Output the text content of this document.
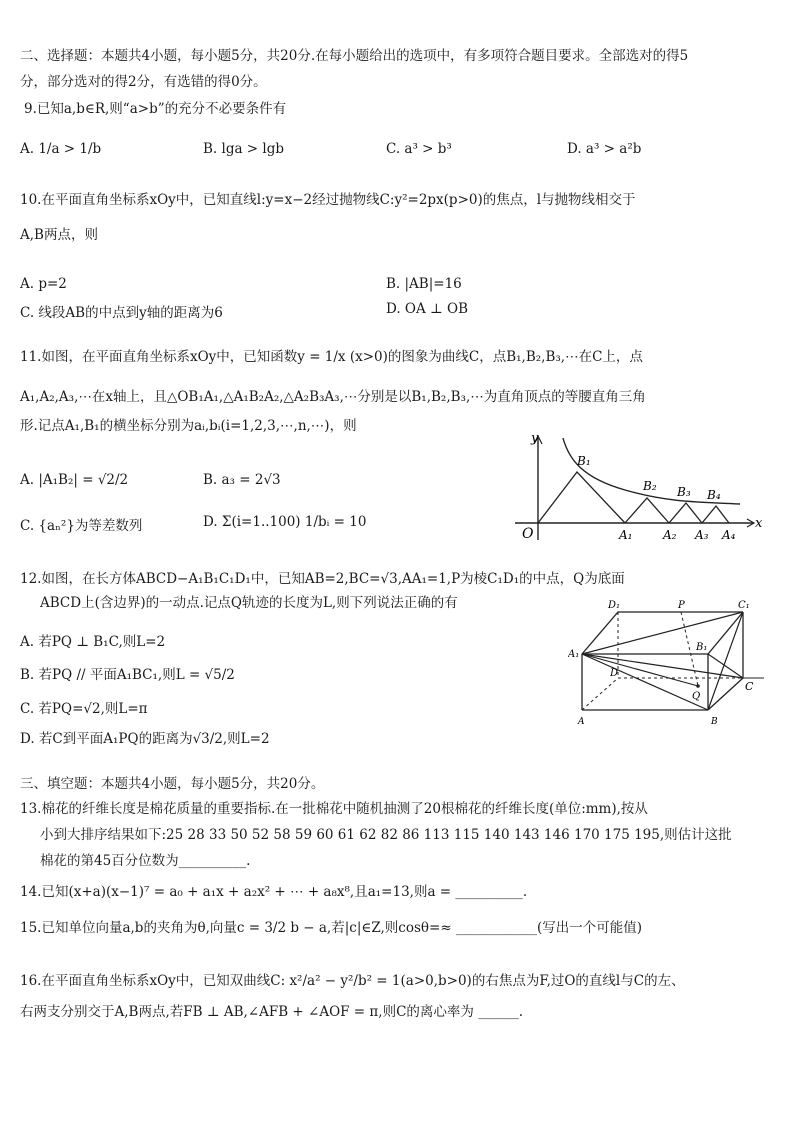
二、选择题：本题共4小题，每小题5分，共20分.在每小题给出的选项中，有多项符合题目要求。全部选对的得5
分，部分选对的得2分，有选错的得0分。
9.已知a,b∈R,则“a>b”的充分不必要条件有
A. 1/a > 1/b	B. lga > lgb	C. a³ > b³	D. a³ > a²b
10.在平面直角坐标系xOy中，已知直线l:y=x−2经过抛物线C:y²=2px(p>0)的焦点，l与抛物线相交于
A,B两点，则
A. p=2	B. |AB|=16
C. 线段AB的中点到y轴的距离为6	D. OA ⊥ OB
11.如图，在平面直角坐标系xOy中，已知函数y = 1/x (x>0)的图象为曲线C，点B₁,B₂,B₃,⋯在C上，点
A₁,A₂,A₃,⋯在x轴上，且△OB₁A₁,△A₁B₂A₂,△A₂B₃A₃,⋯分别是以B₁,B₂,B₃,⋯为直角顶点的等腰直角三角
形.记点A₁,B₁的横坐标分别为aᵢ,bᵢ(i=1,2,3,⋯,n,⋯)，则
A. |A₁B₂| = √2/2	B. a₃ = 2√3
C. {aₙ²}为等差数列	D. Σ(i=1..100) 1/bᵢ = 10
y
x
O
B₁
B₂ B₃ B₄
A₁	A₂ A₃ A₄
12.如图，在长方体ABCD−A₁B₁C₁D₁中，已知AB=2,BC=√3,AA₁=1,P为棱C₁D₁的中点，Q为底面
ABCD上(含边界)的一动点.记点Q轨迹的长度为L,则下列说法正确的有
A. 若PQ ⊥ B₁C,则L=2
B. 若PQ // 平面A₁BC₁,则L = √5/2
C. 若PQ=√2,则L=π
D. 若C到平面A₁PQ的距离为√3/2,则L=2
D₁	P	C₁
B₁
A₁
D
C
Q
A	B
三、填空题：本题共4小题，每小题5分，共20分。
13.棉花的纤维长度是棉花质量的重要指标.在一批棉花中随机抽测了20根棉花的纤维长度(单位:mm),按从
小到大排序结果如下:25 28 33 50 52 58 59 60 61 62 82 86 113 115 140 143 146 170 175 195,则估计这批
棉花的第45百分位数为__________.
14.已知(x+a)(x−1)⁷ = a₀ + a₁x + a₂x² + ⋯ + a₈x⁸,且a₁=13,则a = __________.
15.已知单位向量a,b的夹角为θ,向量c = 3/2 b − a,若|c|∈Z,则cosθ=≈ ____________(写出一个可能值)
16.在平面直角坐标系xOy中，已知双曲线C: x²/a² − y²/b² = 1(a>0,b>0)的右焦点为F,过O的直线l与C的左、
右两支分别交于A,B两点,若FB ⊥ AB,∠AFB + ∠AOF = π,则C的离心率为 ______.
